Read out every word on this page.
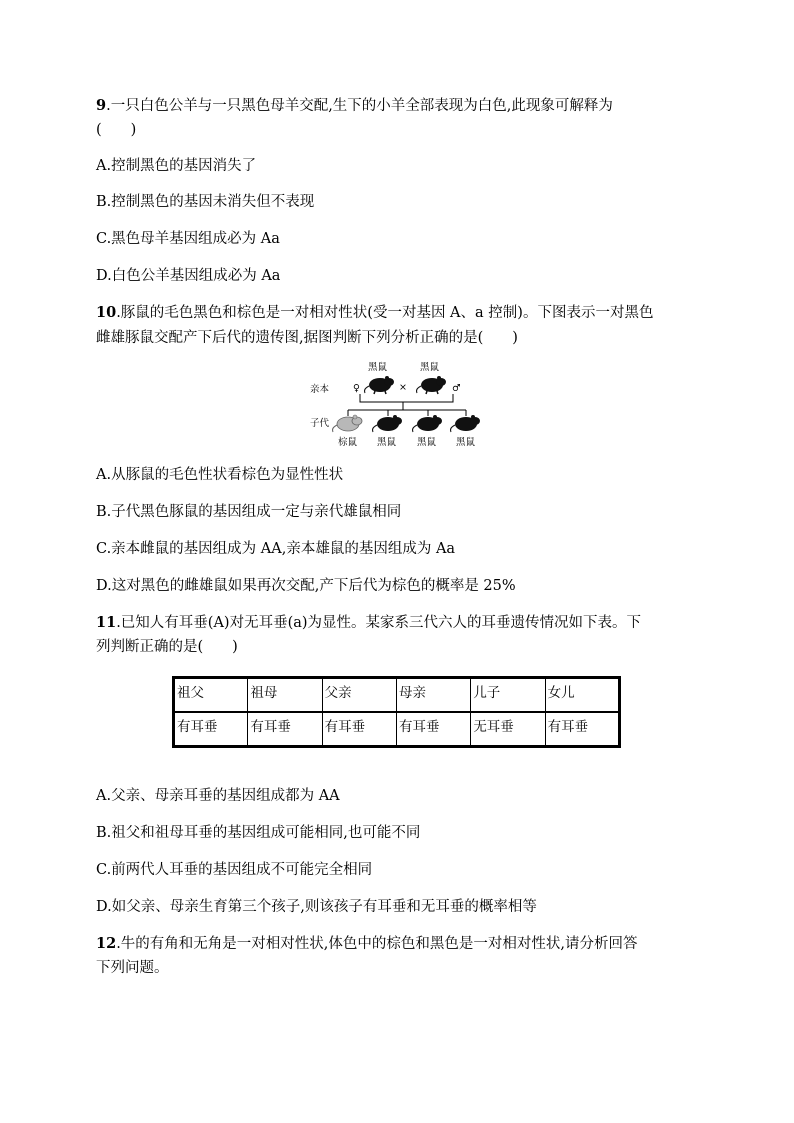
9.一只白色公羊与一只黑色母羊交配,生下的小羊全部表现为白色,此现象可解释为
(　　)
A.控制黑色的基因消失了
B.控制黑色的基因未消失但不表现
C.黑色母羊基因组成必为 Aa
D.白色公羊基因组成必为 Aa
10.豚鼠的毛色黑色和棕色是一对相对性状(受一对基因 A、a 控制)。下图表示一对黑色
雌雄豚鼠交配产下后代的遗传图,据图判断下列分析正确的是(　　)
亲本
子代
黑鼠	黑鼠
♀	×	♂
棕鼠 黑鼠 黑鼠 黑鼠
A.从豚鼠的毛色性状看棕色为显性性状
B.子代黑色豚鼠的基因组成一定与亲代雄鼠相同
C.亲本雌鼠的基因组成为 AA,亲本雄鼠的基因组成为 Aa
D.这对黑色的雌雄鼠如果再次交配,产下后代为棕色的概率是 25%
11.已知人有耳垂(A)对无耳垂(a)为显性。某家系三代六人的耳垂遗传情况如下表。下
列判断正确的是(　　)
祖父	祖母	父亲	母亲	儿子	女儿
有耳垂	有耳垂	有耳垂	有耳垂	无耳垂	有耳垂
A.父亲、母亲耳垂的基因组成都为 AA
B.祖父和祖母耳垂的基因组成可能相同,也可能不同
C.前两代人耳垂的基因组成不可能完全相同
D.如父亲、母亲生育第三个孩子,则该孩子有耳垂和无耳垂的概率相等
12.牛的有角和无角是一对相对性状,体色中的棕色和黑色是一对相对性状,请分析回答
下列问题。
